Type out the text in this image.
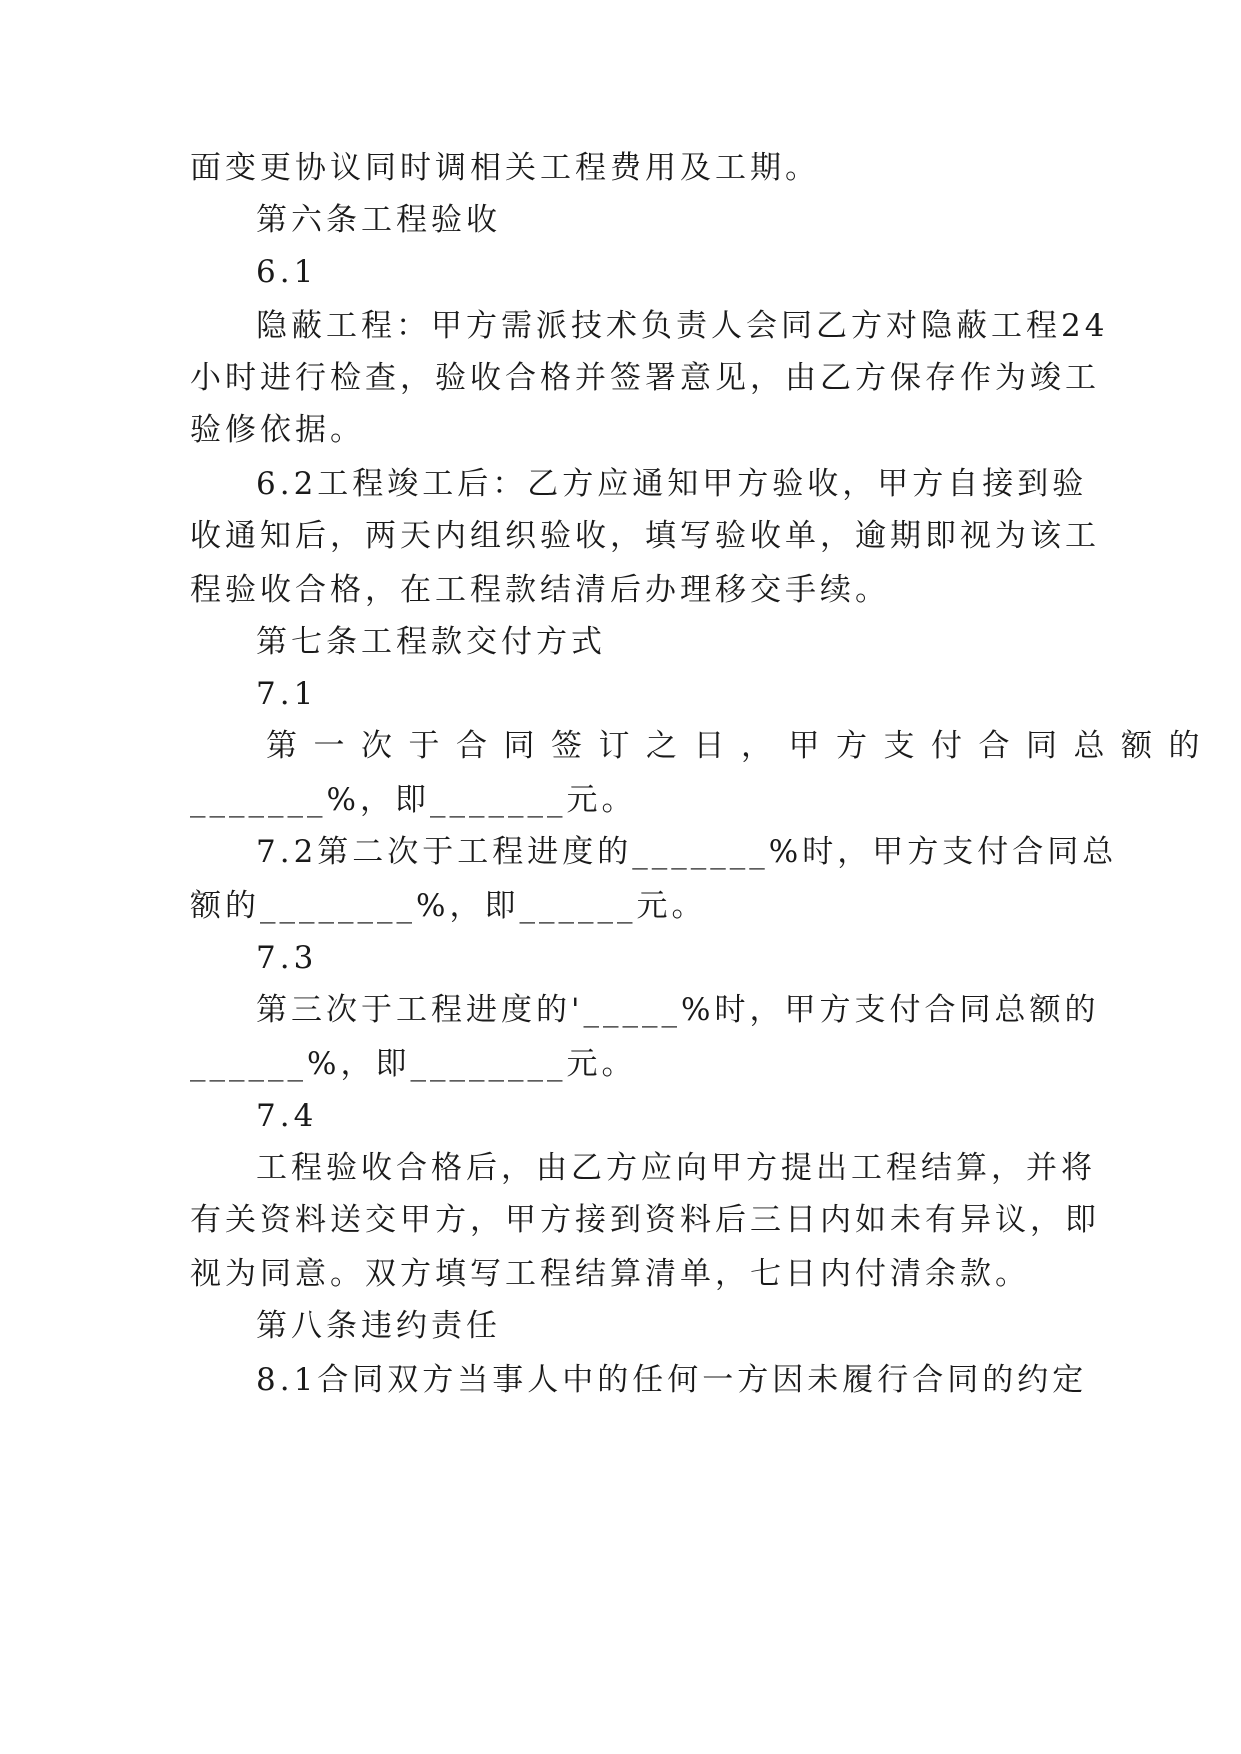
面变更协议同时调相关工程费用及工期。
第六条工程验收
6.1
隐蔽工程：甲方需派技术负责人会同乙方对隐蔽工程24
小时进行检查，验收合格并签署意见，由乙方保存作为竣工
验修依据。
6.2工程竣工后：乙方应通知甲方验收，甲方自接到验
收通知后，两天内组织验收，填写验收单，逾期即视为该工
程验收合格，在工程款结清后办理移交手续。
第七条工程款交付方式
7.1
第一次于合同签订之日，甲方支付合同总额的
_______%，即_______元。
7.2第二次于工程进度的_______%时，甲方支付合同总
额的________%，即______元。
7.3
第三次于工程进度的'_____%时，甲方支付合同总额的
______%，即________元。
7.4
工程验收合格后，由乙方应向甲方提出工程结算，并将
有关资料送交甲方，甲方接到资料后三日内如未有异议，即
视为同意。双方填写工程结算清单，七日内付清余款。
第八条违约责任
8.1合同双方当事人中的任何一方因未履行合同的约定
